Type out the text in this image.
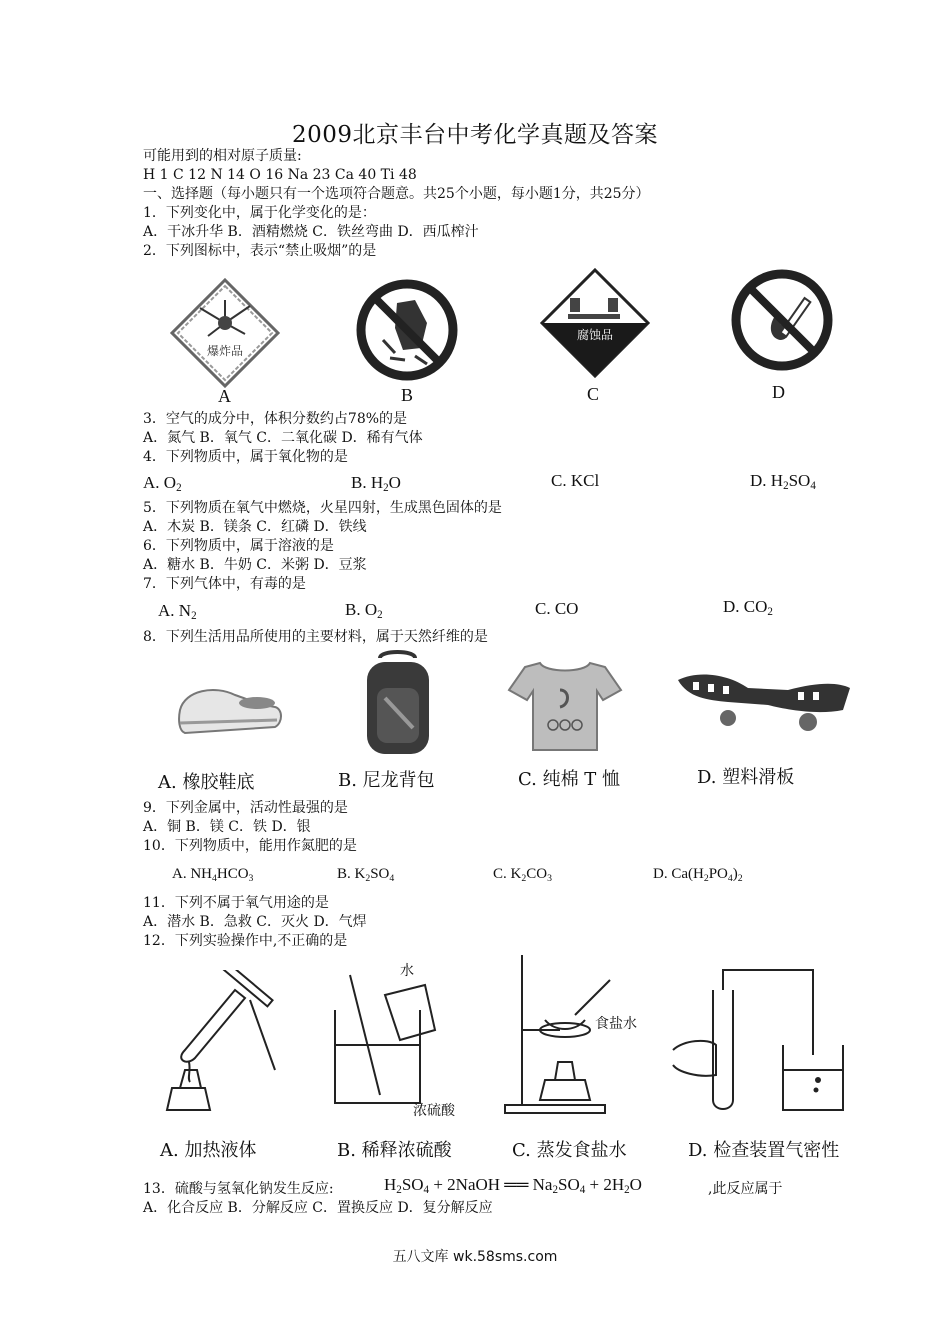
2009北京丰台中考化学真题及答案
可能用到的相对原子质量:
H 1 C 12 N 14 O 16 Na 23 Ca 40 Ti 48
一、选择题（每小题只有一个选项符合题意。共25个小题，每小题1分，共25分）
1．下列变化中，属于化学变化的是：
A．干冰升华 B．酒精燃烧 C．铁丝弯曲 D．西瓜榨汁
2．下列图标中，表示“禁止吸烟”的是
爆炸品
腐蚀品
A	B	C	D
3．空气的成分中，体积分数约占78%的是
A．氮气 B．氧气 C．二氧化碳 D．稀有气体
4．下列物质中，属于氧化物的是
A. $O_2$	B. $H_2O$	C. KCl	D. $H_2SO_4$
5．下列物质在氧气中燃烧，火星四射，生成黑色固体的是
A．木炭 B．镁条 C．红磷 D．铁线
6．下列物质中，属于溶液的是
A．糖水 B．牛奶 C．米粥 D．豆浆
7．下列气体中，有毒的是
A. $N_2$	B. $O_2$	C. CO	D. $CO_2$
8．下列生活用品所使用的主要材料，属于天然纤维的是
A. 橡胶鞋底	B. 尼龙背包	C. 纯棉 T 恤	D. 塑料滑板
9．下列金属中，活动性最强的是
A．铜 B．镁 C．铁 D．银
10．下列物质中，能用作氮肥的是
A. $NH_4HCO_3$	B. $K_2SO_4$	C. $K_2CO_3$	D. $Ca(H_2PO_4)_2$
11．下列不属于氧气用途的是
A．潜水 B．急救 C．灭火 D．气焊
12．下列实验操作中,不正确的是
水
浓硫酸
食盐水
A. 加热液体	B. 稀释浓硫酸	C. 蒸发食盐水	D. 检查装置气密性
13．硫酸与氢氧化钠发生反应:	$H_2SO_4$ + 2NaOH ══ $Na_2SO_4 + 2H_2O$	,此反应属于
A．化合反应 B．分解反应 C．置换反应 D．复分解反应
五八文库 wk.58sms.com
